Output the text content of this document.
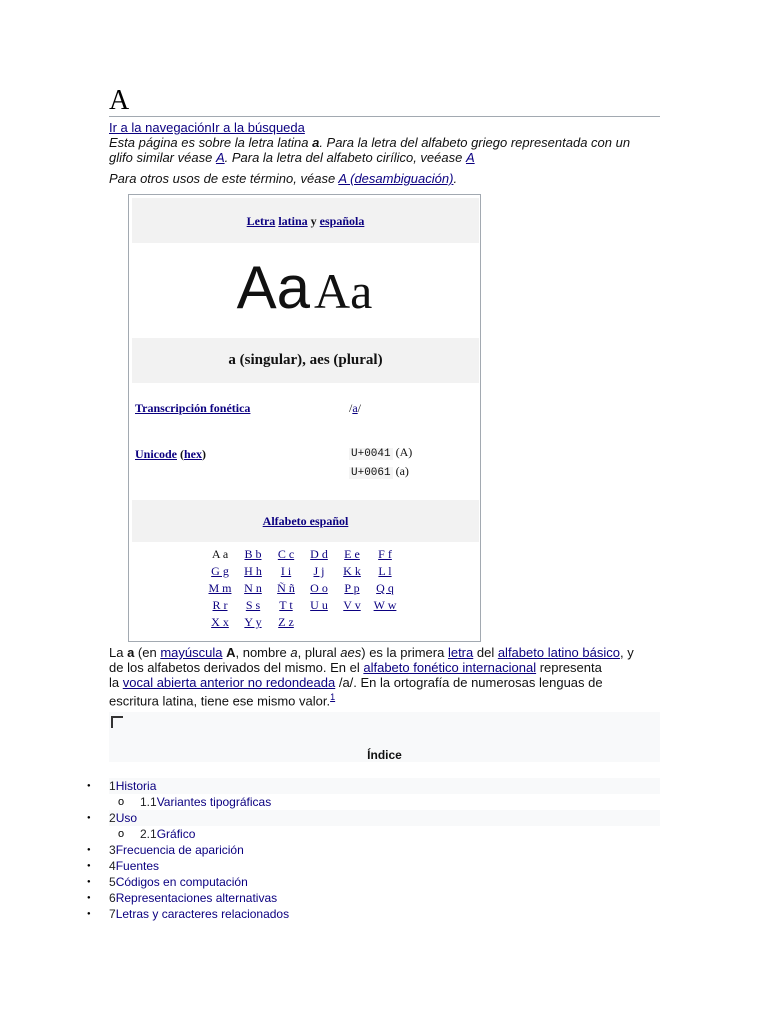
A
Ir a la navegaciónIr a la búsqueda
Esta página es sobre la letra latina a. Para la letra del alfabeto griego representada con un
glifo similar véase Α. Para la letra del alfabeto cirílico, veéase А
Para otros usos de este término, véase A (desambiguación).
Letra latina y española
Aa Aa
a (singular), aes (plural)
Transcripción fonética	/a/
Unicode (hex)	U+0041 (A)
U+0061 (a)
Alfabeto español
A a	B b	C c	D d	E e	F f
G g	H h	I i	J j	K k	L l
M m	N n	Ñ ñ	O o	P p	Q q
R r	S s	T t	U u	V v	W w
X x	Y y	Z z
La a (en mayúscula A, nombre a, plural aes) es la primera letra del alfabeto latino básico, y
de los alfabetos derivados del mismo. En el alfabeto fonético internacional representa
la vocal abierta anterior no redondeada /a/. En la ortografía de numerosas lenguas de
escritura latina, tiene ese mismo valor.$^1$
Índice
● 1Historia
o 1.1Variantes tipográficas
● 2Uso
o 2.1Gráfico
● 3Frecuencia de aparición
● 4Fuentes
● 5Códigos en computación
● 6Representaciones alternativas
● 7Letras y caracteres relacionados
